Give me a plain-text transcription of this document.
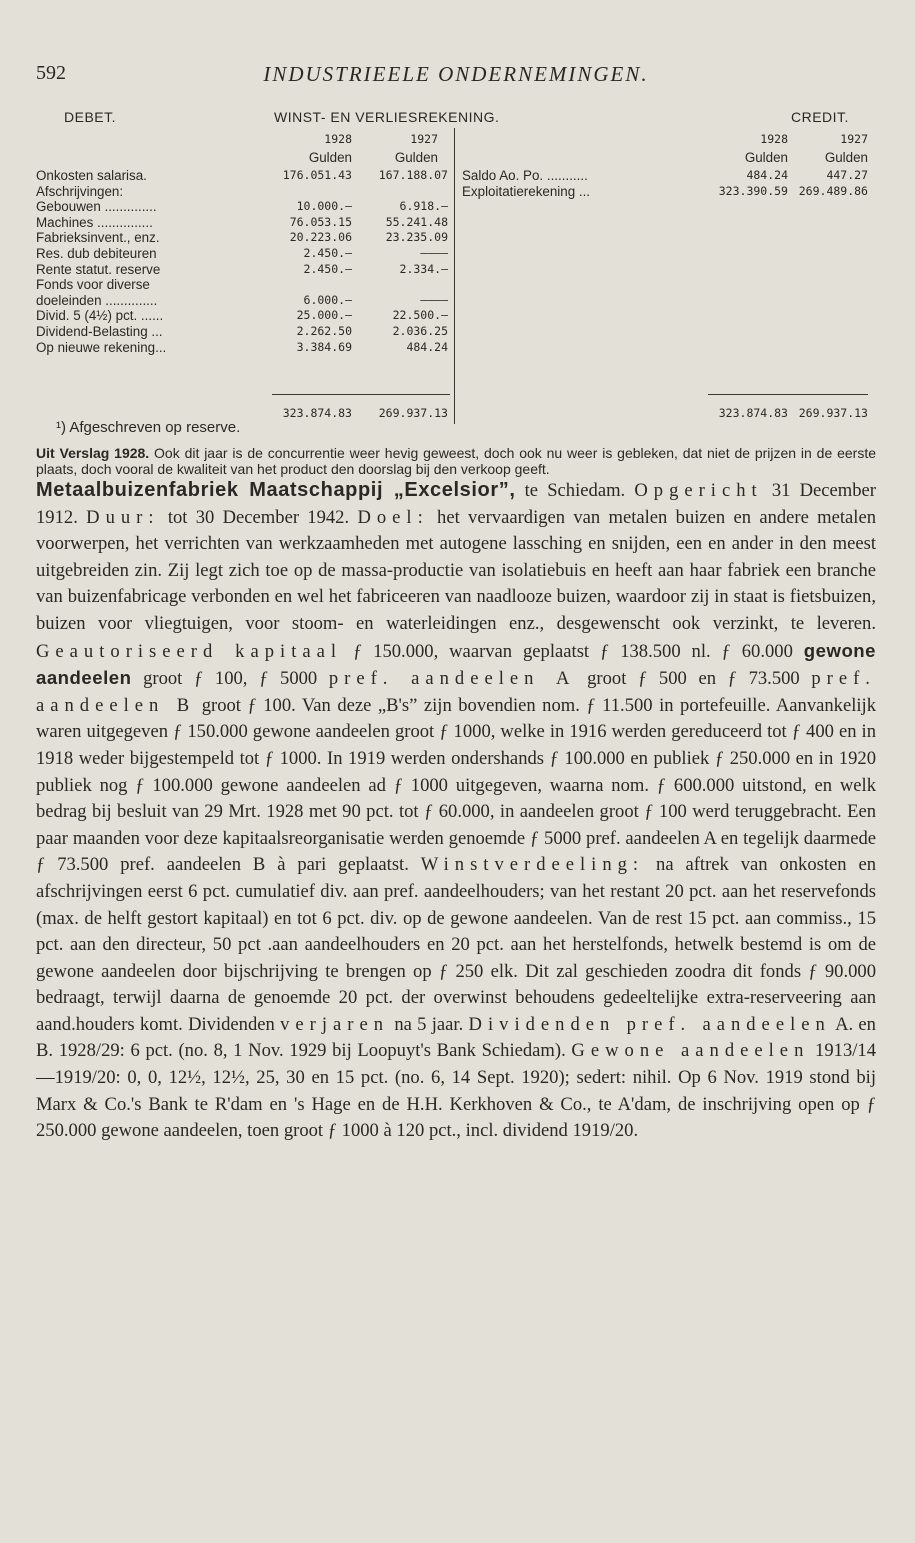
592	INDUSTRIEELE ONDERNEMINGEN.
DEBET.	WINST- EN VERLIESREKENING.	CREDIT.
1928	1927
Gulden	Gulden
1928	1927
Gulden	Gulden
Onkosten salarisa.	176.051.43	167.188.07
Afschrijvingen:
Gebouwen ..............	10.000.—	6.918.—
Machines ...............	76.053.15	55.241.48
Fabrieksinvent., enz.	20.223.06	23.235.09
Res. dub debiteuren	2.450.—	————
Rente statut. reserve	2.450.—	2.334.—
Fonds voor diverse
doeleinden ..............	6.000.—	————
Divid. 5 (4½) pct. ......	25.000.—	22.500.—
Dividend-Belasting ...	2.262.50	2.036.25
Op nieuwe rekening...	3.384.69	484.24
Saldo Ao. Po. ...........	484.24	447.27
Exploitatierekening ...	323.390.59 269.489.86
323.874.83	269.937.13	323.874.83 269.937.13
¹) Afgeschreven op reserve.

Uit Verslag 1928. Ook dit jaar is de concurrentie weer hevig geweest, doch ook nu weer is gebleken, dat niet de prijzen in de eerste plaats, doch vooral de kwaliteit van het product den doorslag bij den verkoop geeft.

Metaalbuizenfabriek Maatschappij „Excelsior”, te Schiedam. Opgericht 31 December 1912. Duur: tot 30 December 1942. Doel: het vervaardigen van metalen buizen en andere metalen voorwerpen, het verrichten van werkzaamheden met autogene lassching en snijden, een en ander in den meest uitgebreiden zin. Zij legt zich toe op de massa-productie van isolatiebuis en heeft aan haar fabriek een branche van buizenfabricage verbonden en wel het fabriceeren van naadlooze buizen, waardoor zij in staat is fietsbuizen, buizen voor vliegtuigen, voor stoom- en waterleidingen enz., desgewenscht ook verzinkt, te leveren. Geautoriseerd kapitaal ƒ 150.000, waarvan geplaatst ƒ 138.500 nl. ƒ 60.000 gewone aandeelen groot ƒ 100, ƒ 5000 pref. aandeelen A groot ƒ 500 en ƒ 73.500 pref. aandeelen B groot ƒ 100. Van deze „B's” zijn bovendien nom. ƒ 11.500 in portefeuille. Aanvankelijk waren uitgegeven ƒ 150.000 gewone aandeelen groot ƒ 1000, welke in 1916 werden gereduceerd tot ƒ 400 en in 1918 weder bijgestempeld tot ƒ 1000. In 1919 werden ondershands ƒ 100.000 en publiek ƒ 250.000 en in 1920 publiek nog ƒ 100.000 gewone aandeelen ad ƒ 1000 uitgegeven, waarna nom. ƒ 600.000 uitstond, en welk bedrag bij besluit van 29 Mrt. 1928 met 90 pct. tot ƒ 60.000, in aandeelen groot ƒ 100 werd teruggebracht. Een paar maanden voor deze kapitaalsreorganisatie werden genoemde ƒ 5000 pref. aandeelen A en tegelijk daarmede ƒ 73.500 pref. aandeelen B à pari geplaatst. Winstverdeeling: na aftrek van onkosten en afschrijvingen eerst 6 pct. cumulatief div. aan pref. aandeelhouders; van het restant 20 pct. aan het reservefonds (max. de helft gestort kapitaal) en tot 6 pct. div. op de gewone aandeelen. Van de rest 15 pct. aan commiss., 15 pct. aan den directeur, 50 pct .aan aandeelhouders en 20 pct. aan het herstelfonds, hetwelk bestemd is om de gewone aandeelen door bijschrijving te brengen op ƒ 250 elk. Dit zal geschieden zoodra dit fonds ƒ 90.000 bedraagt, terwijl daarna de genoemde 20 pct. der overwinst behoudens gedeeltelijke extra-reserveering aan aand.houders komt. Dividenden verjaren na 5 jaar. Dividenden pref. aandeelen A. en B. 1928/29: 6 pct. (no. 8, 1 Nov. 1929 bij Loopuyt's Bank Schiedam). Gewone aandeelen 1913/14—1919/20: 0, 0, 12½, 12½, 25, 30 en 15 pct. (no. 6, 14 Sept. 1920); sedert: nihil. Op 6 Nov. 1919 stond bij Marx & Co.'s Bank te R'dam en 's Hage en de H.H. Kerkhoven & Co., te A'dam, de inschrijving open op ƒ 250.000 gewone aandeelen, toen groot ƒ 1000 à 120 pct., incl. dividend 1919/20.
